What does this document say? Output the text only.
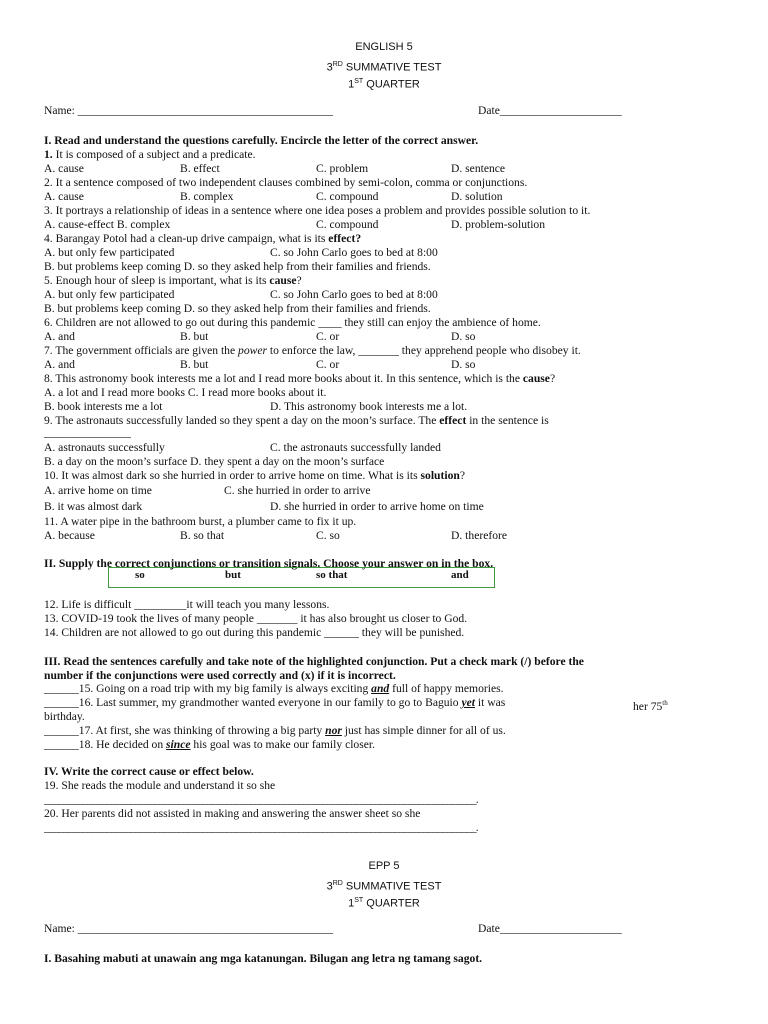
ENGLISH 5
3RD SUMMATIVE TEST
1ST QUARTER
Name: ____________________________________________	Date_____________________
I. Read and understand the questions carefully. Encircle the letter of the correct answer.
1. It is composed of a subject and a predicate.
A. cause	B. effect	C. problem	D. sentence
2. It a sentence composed of two independent clauses combined by semi-colon, comma or conjunctions.
A. cause	B. complex	C. compound	D. solution
3. It portrays a relationship of ideas in a sentence where one idea poses a problem and provides possible solution to it.
A. cause-effect B. complex	C. compound	D. problem-solution
4. Barangay Potol had a clean-up drive campaign, what is its effect?
A. but only few participated	C. so John Carlo goes to bed at 8:00
B. but problems keep coming D. so they asked help from their families and friends.
5. Enough hour of sleep is important, what is its cause?
A. but only few participated	C. so John Carlo goes to bed at 8:00
B. but problems keep coming D. so they asked help from their families and friends.
6. Children are not allowed to go out during this pandemic ____ they still can enjoy the ambience of home.
A. and	B. but	C. or	D. so
7. The government officials are given the power to enforce the law, _______ they apprehend people who disobey it.
A. and	B. but	C. or	D. so
8. This astronomy book interests me a lot and I read more books about it. In this sentence, which is the cause?
A. a lot and I read more books C. I read more books about it.
B. book interests me a lot	D. This astronomy book interests me a lot.
9. The astronauts successfully landed so they spent a day on the moon’s surface. The effect in the sentence is
_______________
A. astronauts successfully	C. the astronauts successfully landed
B. a day on the moon’s surface D. they spent a day on the moon’s surface
10. It was almost dark so she hurried in order to arrive home on time. What is its solution?
A. arrive home on time	C. she hurried in order to arrive
B. it was almost dark	D. she hurried in order to arrive home on time
11. A water pipe in the bathroom burst, a plumber came to fix it up.
A. because	B. so that	C. so	D. therefore
II. Supply the correct conjunctions or transition signals. Choose your answer on in the box.
so	but	so that	and
12. Life is difficult _________it will teach you many lessons.
13. COVID-19 took the lives of many people _______ it has also brought us closer to God.
14. Children are not allowed to go out during this pandemic ______ they will be punished.
III. Read the sentences carefully and take note of the highlighted conjunction. Put a check mark (/) before the
number if the conjunctions were used correctly and (x) if it is incorrect.
______15. Going on a road trip with my big family is always exciting and full of happy memories.
______16. Last summer, my grandmother wanted everyone in our family to go to Baguio yet it was	her 75th
birthday.
______17. At first, she was thinking of throwing a big party nor just has simple dinner for all of us.
______18. He decided on since his goal was to make our family closer.
IV. Write the correct cause or effect below.
19. She reads the module and understand it so she
__________________________________________________________________________________________.
20. Her parents did not assisted in making and answering the answer sheet so she
__________________________________________________________________________________________.
EPP 5
3RD SUMMATIVE TEST
1ST QUARTER
Name: ____________________________________________	Date_____________________
I. Basahing mabuti at unawain ang mga katanungan. Bilugan ang letra ng tamang sagot.
